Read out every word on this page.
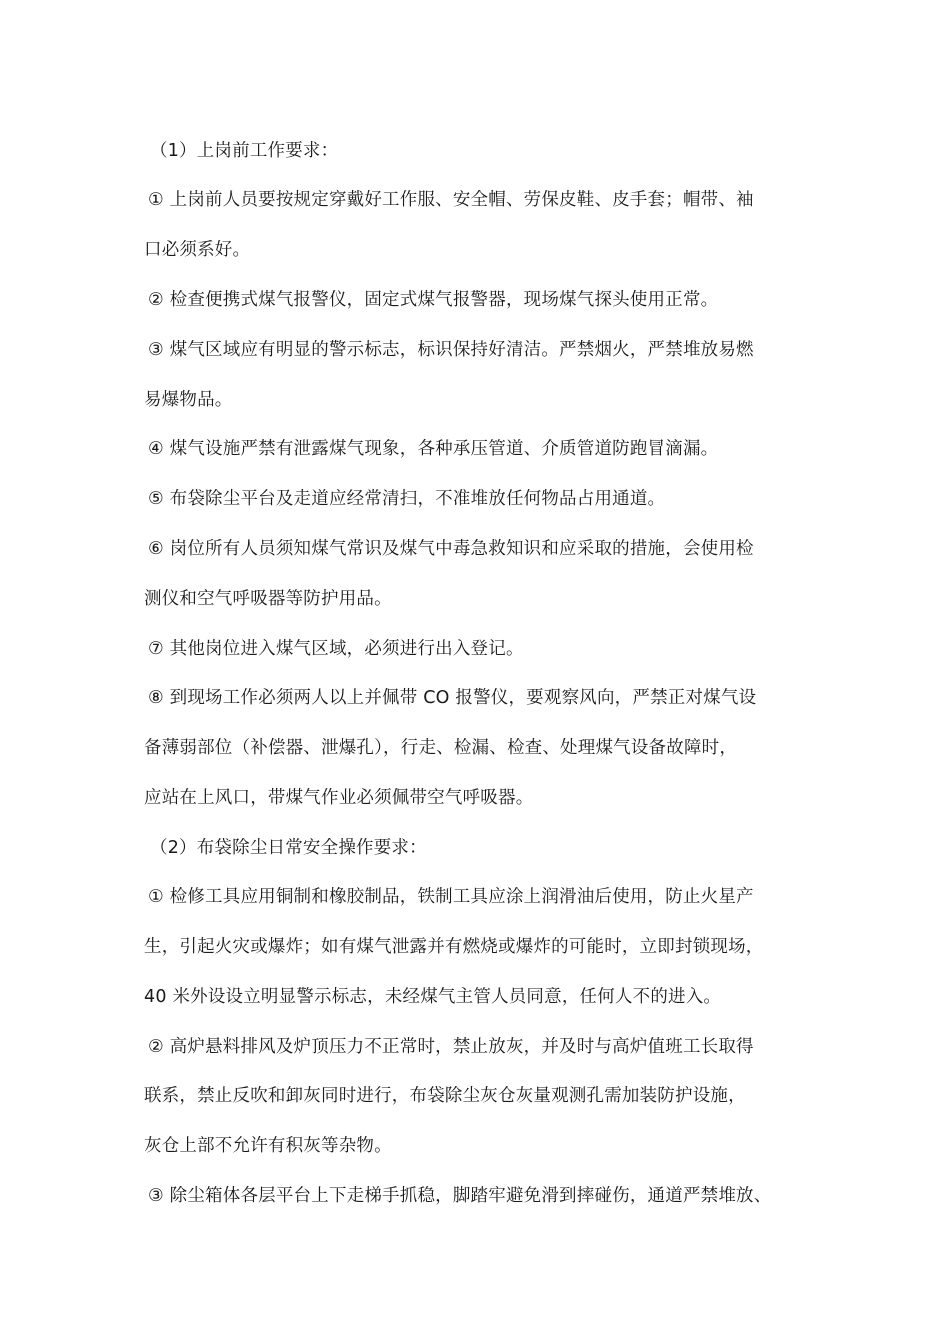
（1）上岗前工作要求：
① 上岗前人员要按规定穿戴好工作服、安全帽、劳保皮鞋、皮手套；帽带、袖
口必须系好。
② 检查便携式煤气报警仪，固定式煤气报警器，现场煤气探头使用正常。
③ 煤气区域应有明显的警示标志，标识保持好清洁。严禁烟火，严禁堆放易燃
易爆物品。
④ 煤气设施严禁有泄露煤气现象，各种承压管道、介质管道防跑冒滴漏。
⑤ 布袋除尘平台及走道应经常清扫，不准堆放任何物品占用通道。
⑥ 岗位所有人员须知煤气常识及煤气中毒急救知识和应采取的措施，会使用检
测仪和空气呼吸器等防护用品。
⑦ 其他岗位进入煤气区域，必须进行出入登记。
⑧ 到现场工作必须两人以上并佩带 CO 报警仪，要观察风向，严禁正对煤气设
备薄弱部位（补偿器、泄爆孔），行走、检漏、检查、处理煤气设备故障时，
应站在上风口，带煤气作业必须佩带空气呼吸器。
（2）布袋除尘日常安全操作要求：
① 检修工具应用铜制和橡胶制品，铁制工具应涂上润滑油后使用，防止火星产
生，引起火灾或爆炸；如有煤气泄露并有燃烧或爆炸的可能时，立即封锁现场，
40 米外设设立明显警示标志，未经煤气主管人员同意，任何人不的进入。
② 高炉悬料排风及炉顶压力不正常时，禁止放灰，并及时与高炉值班工长取得
联系，禁止反吹和卸灰同时进行，布袋除尘灰仓灰量观测孔需加装防护设施，
灰仓上部不允许有积灰等杂物。
③ 除尘箱体各层平台上下走梯手抓稳，脚踏牢避免滑到摔碰伤，通道严禁堆放、
